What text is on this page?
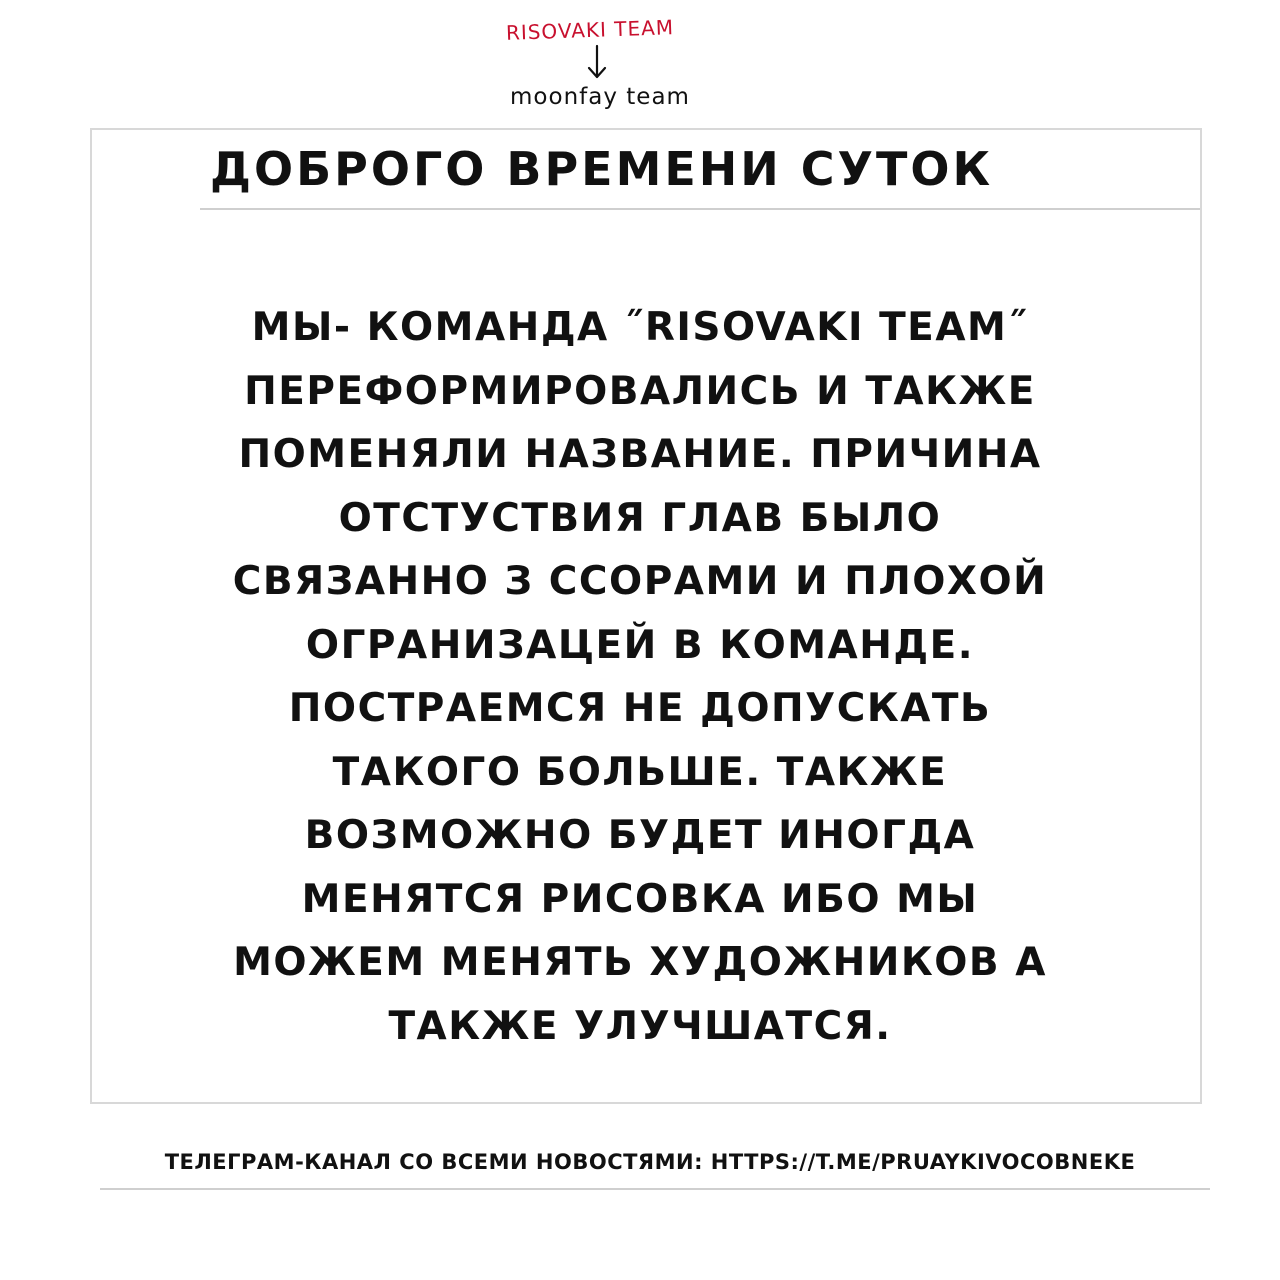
RISOVAKI TEAM
moonfay team
ДОБРОГО ВРЕМЕНИ СУТОК
МЫ- КОМАНДА ˝RISOVAKI TEAM˝
ПЕРЕФОРМИРОВАЛИСЬ И ТАКЖЕ
ПОМЕНЯЛИ НАЗВАНИЕ. ПРИЧИНА
ОТСТУСТВИЯ ГЛАВ БЫЛО
СВЯЗАННО З ССОРАМИ И ПЛОХОЙ
ОГРАНИЗАЦЕЙ В КОМАНДЕ.
ПОСТРАЕМСЯ НЕ ДОПУСКАТЬ
ТАКОГО БОЛЬШЕ. ТАКЖЕ
ВОЗМОЖНО БУДЕТ ИНОГДА
МЕНЯТСЯ РИСОВКА ИБО МЫ
МОЖЕМ МЕНЯТЬ ХУДОЖНИКОВ А
ТАКЖЕ УЛУЧШАТСЯ.
ТЕЛЕГРАМ-КАНАЛ СО ВСЕМИ НОВОСТЯМИ: HTTPS://T.ME/PRUAYKIVOCOBNEKE
